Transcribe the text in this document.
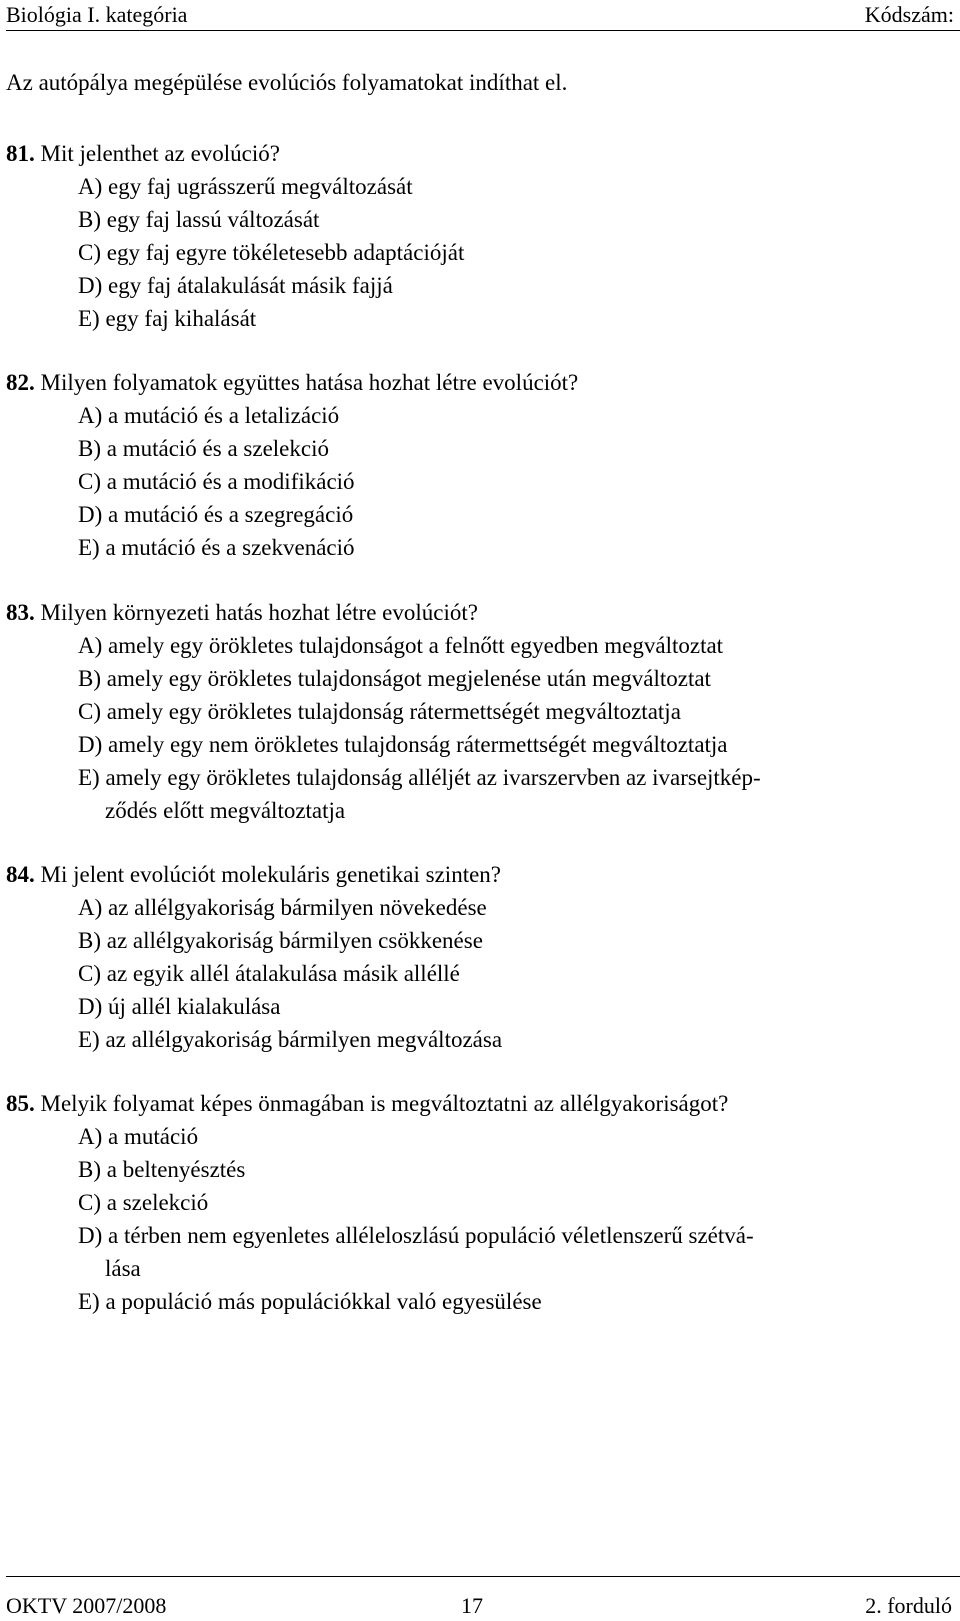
Biológia I. kategória	Kódszám:
Az autópálya megépülése evolúciós folyamatokat indíthat el.
81. Mit jelenthet az evolúció?
A) egy faj ugrásszerű megváltozását
B) egy faj lassú változását
C) egy faj egyre tökéletesebb adaptációját
D) egy faj átalakulását másik fajjá
E) egy faj kihalását
82. Milyen folyamatok együttes hatása hozhat létre evolúciót?
A) a mutáció és a letalizáció
B) a mutáció és a szelekció
C) a mutáció és a modifikáció
D) a mutáció és a szegregáció
E) a mutáció és a szekvenáció
83. Milyen környezeti hatás hozhat létre evolúciót?
A) amely egy örökletes tulajdonságot a felnőtt egyedben megváltoztat
B) amely egy örökletes tulajdonságot megjelenése után megváltoztat
C) amely egy örökletes tulajdonság rátermettségét megváltoztatja
D) amely egy nem örökletes tulajdonság rátermettségét megváltoztatja
E) amely egy örökletes tulajdonság alléljét az ivarszervben az ivarsejtkép-
ződés előtt megváltoztatja
84. Mi jelent evolúciót molekuláris genetikai szinten?
A) az allélgyakoriság bármilyen növekedése
B) az allélgyakoriság bármilyen csökkenése
C) az egyik allél átalakulása másik alléllé
D) új allél kialakulása
E) az allélgyakoriság bármilyen megváltozása
85. Melyik folyamat képes önmagában is megváltoztatni az allélgyakoriságot?
A) a mutáció
B) a beltenyésztés
C) a szelekció
D) a térben nem egyenletes alléleloszlású populáció véletlenszerű szétvá-
lása
E) a populáció más populációkkal való egyesülése
OKTV 2007/2008	17	2. forduló
